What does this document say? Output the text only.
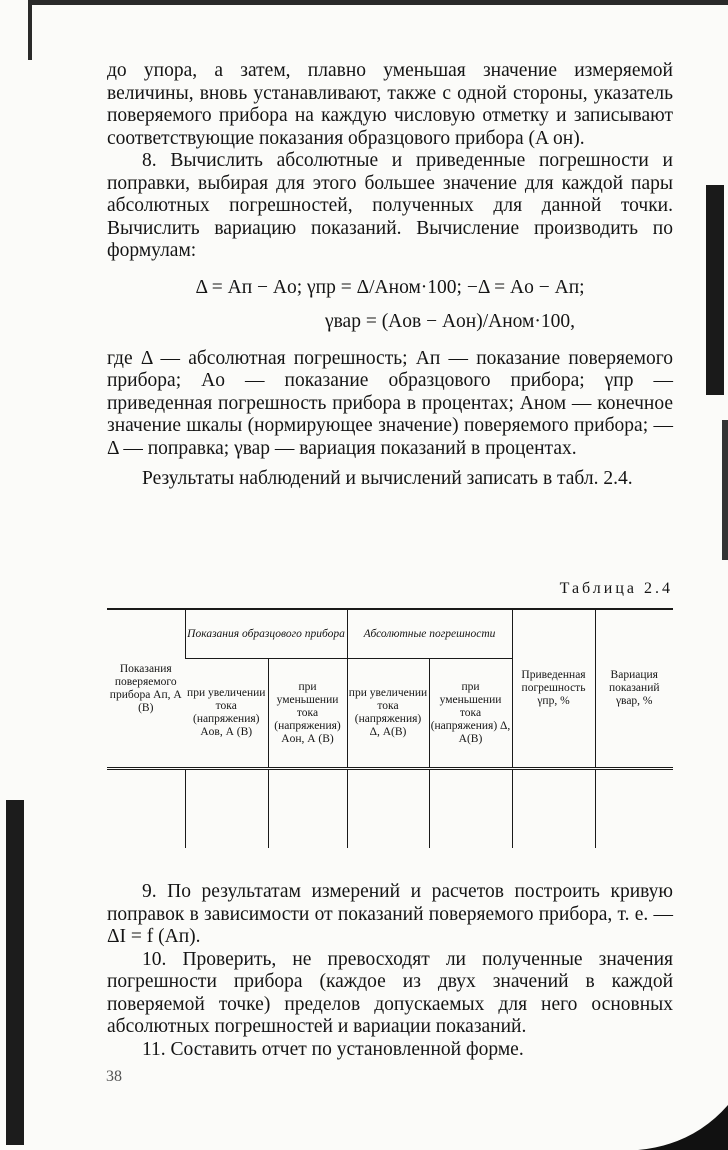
до упора, а затем, плавно уменьшая значение измеряемой величины, вновь устанавливают, также с одной стороны, указатель поверяемого прибора на каждую числовую отметку и записывают соответствующие показания образцового прибора (A он).

8. Вычислить абсолютные и приведенные погрешности и поправки, выбирая для этого большее значение для каждой пары абсолютных погрешностей, полученных для данной точки. Вычислить вариацию показаний. Вычисление производить по формулам:

Δ = Aп − Aо; γпр = Δ/Aном·100; −Δ = Aо − Aп;

γвар = (Aов − Aон)/Aном·100,

где Δ — абсолютная погрешность; Aп — показание поверяемого прибора; Aо — показание образцового прибора; γпр — приведенная погрешность прибора в процентах; Aном — конечное значение шкалы (нормирующее значение) поверяемого прибора; —Δ — поправка; γвар — вариация показаний в процентах.

Результаты наблюдений и вычислений записать в табл. 2.4.

Таблица 2.4
Показания поверяемого прибора Aп, А (В)	Показания образцового прибора		Абсолютные погрешности		Приведенная погрешность γпр, %	Вариация показаний γвар, %
	при увеличении тока (напряжения) Aов, А (В)	при уменьшении тока (напряжения) Aон, А (В)	при увеличении тока (напряжения) Δ, А(В)	при уменьшении тока (напряжения) Δ, А(В)		

9. По результатам измерений и расчетов построить кривую поправок в зависимости от показаний поверяемого прибора, т. е. —ΔI = f (Aп).

10. Проверить, не превосходят ли полученные значения погрешности прибора (каждое из двух значений в каждой поверяемой точке) пределов допускаемых для него основных абсолютных погрешностей и вариации показаний.

11. Составить отчет по установленной форме.

38
